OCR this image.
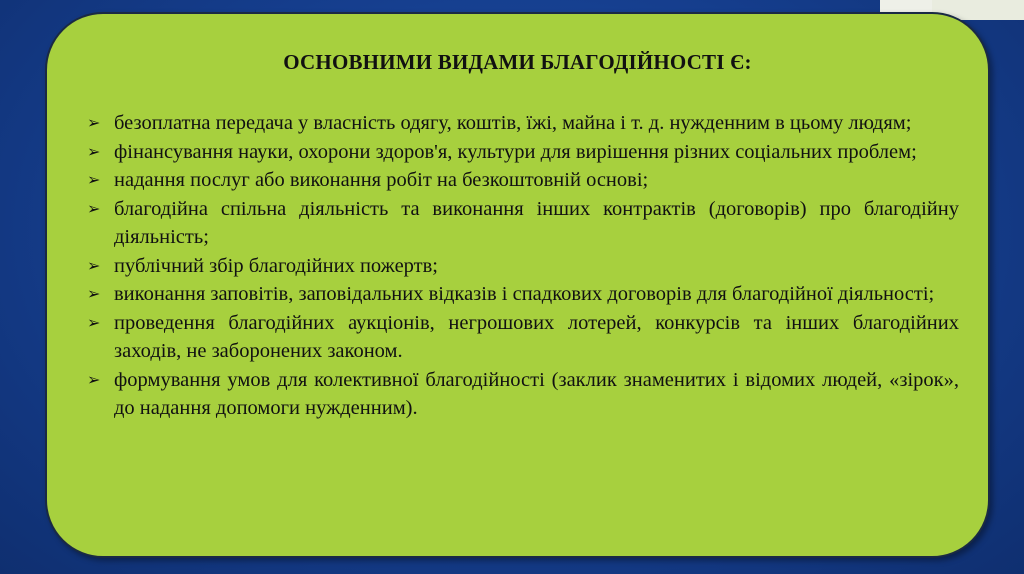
ОСНОВНИМИ ВИДАМИ БЛАГОДІЙНОСТІ Є:
➢ безоплатна передача у власність одягу, коштів, їжі, майна і т. д. нужденним в цьому людям;
➢ фінансування науки, охорони здоров'я, культури для вирішення різних соціальних проблем;
➢ надання послуг або виконання робіт на безкоштовній основі;
➢ благодійна спільна діяльність та виконання інших контрактів (договорів) про благодійну діяльність;
➢ публічний збір благодійних пожертв;
➢ виконання заповітів, заповідальних відказів і спадкових договорів для благодійної діяльності;
➢ проведення благодійних аукціонів, негрошових лотерей, конкурсів та інших благодійних заходів, не заборонених законом.
➢ формування умов для колективної благодійності (заклик знаменитих і відомих людей, «зірок», до надання допомоги нужденним).
